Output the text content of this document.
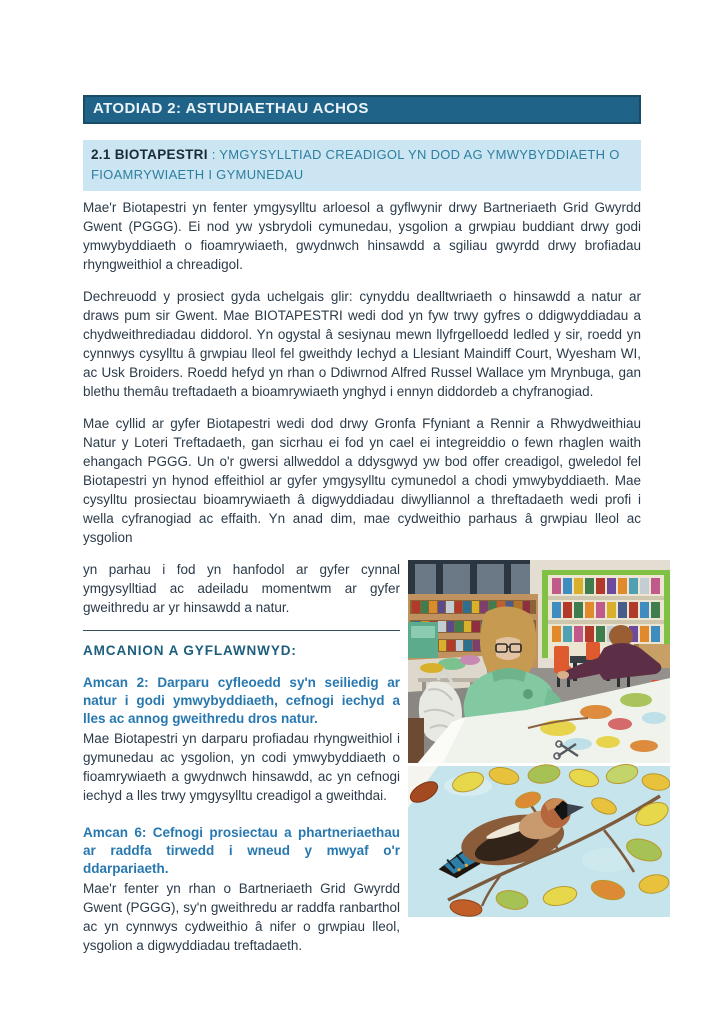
ATODIAD 2: ASTUDIAETHAU ACHOS
2.1 BIOTAPESTRI : YMGYSYLLTIAD CREADIGOL YN DOD AG YMWYBYDDIAETH O FIOAMRYWIAETH I GYMUNEDAU

Mae'r Biotapestri yn fenter ymgysylltu arloesol a gyflwynir drwy Bartneriaeth Grid Gwyrdd Gwent (PGGG). Ei nod yw ysbrydoli cymunedau, ysgolion a grwpiau buddiant drwy godi ymwybyddiaeth o fioamrywiaeth, gwydnwch hinsawdd a sgiliau gwyrdd drwy brofiadau rhyngweithiol a chreadigol.

Dechreuodd y prosiect gyda uchelgais glir: cynyddu dealltwriaeth o hinsawdd a natur ar draws pum sir Gwent. Mae BIOTAPESTRI wedi dod yn fyw trwy gyfres o ddigwyddiadau a chydweithrediadau diddorol. Yn ogystal â sesiynau mewn llyfrgelloedd ledled y sir, roedd yn cynnwys cysylltu â grwpiau lleol fel gweithdy Iechyd a Llesiant Maindiff Court, Wyesham WI, ac Usk Broiders. Roedd hefyd yn rhan o Ddiwrnod Alfred Russel Wallace ym Mrynbuga, gan blethu themâu treftadaeth a bioamrywiaeth ynghyd i ennyn diddordeb a chyfranogiad.

Mae cyllid ar gyfer Biotapestri wedi dod drwy Gronfa Ffyniant a Rennir a Rhwydweithiau Natur y Loteri Treftadaeth, gan sicrhau ei fod yn cael ei integreiddio o fewn rhaglen waith ehangach PGGG. Un o'r gwersi allweddol a ddysgwyd yw bod offer creadigol, gweledol fel Biotapestri yn hynod effeithiol ar gyfer ymgysylltu cymunedol a chodi ymwybyddiaeth. Mae cysylltu prosiectau bioamrywiaeth â digwyddiadau diwylliannol a threftadaeth wedi profi i wella cyfranogiad ac effaith. Yn anad dim, mae cydweithio parhaus â grwpiau lleol ac ysgolion

yn parhau i fod yn hanfodol ar gyfer cynnal ymgysylltiad ac adeiladu momentwm ar gyfer gweithredu ar yr hinsawdd a natur.

AMCANION A GYFLAWNWYD:

Amcan 2: Darparu cyfleoedd sy'n seiliedig ar natur i godi ymwybyddiaeth, cefnogi iechyd a lles ac annog gweithredu dros natur.

Mae Biotapestri yn darparu profiadau rhyngweithiol i gymunedau ac ysgolion, yn codi ymwybyddiaeth o fioamrywiaeth a gwydnwch hinsawdd, ac yn cefnogi iechyd a lles trwy ymgysylltu creadigol a gweithdai.

Amcan 6: Cefnogi prosiectau a phartneriaethau ar raddfa tirwedd i wneud y mwyaf o'r ddarpariaeth.

Mae'r fenter yn rhan o Bartneriaeth Grid Gwyrdd Gwent (PGGG), sy'n gweithredu ar raddfa ranbarthol ac yn cynnwys cydweithio â nifer o grwpiau lleol, ysgolion a digwyddiadau treftadaeth.
